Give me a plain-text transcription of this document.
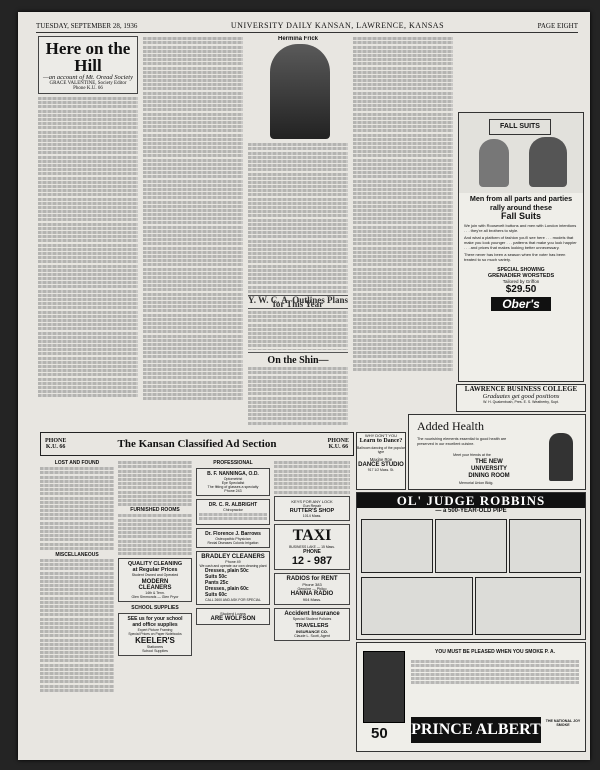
TUESDAY, SEPTEMBER 28, 1936	UNIVERSITY DAILY KANSAN, LAWRENCE, KANSAS	PAGE EIGHT
Here on the Hill
—an account of Mt. Oread Society
GRACE VALENTINE, Society Editor
Phone K.U. 66
Hermina Frick
Y. W. C. A. Outlines Plans for This Year
On the Shin—
FALL SUITS
Men from all parts and parties rally around these
Fall Suits
We join with Roosevelt buttons and men with London intentions . . . they're all brothers to style.
And what a platform of fashion you'll see here . . . models that make you look younger . . . patterns that make you look happier . . . and prices that makes looking better unnecessary.
There never has been a season when the voter has been treated to so much variety.
SPECIAL SHOWING
GRENADIER WORSTEDS
Tailored by Griffon
$29.50
Ober's
LAWRENCE BUSINESS COLLEGE
Graduates get good positions
W. H. Quakenbush, Pres. E. S. Weatherby, Supt.
Added Health
The nourishing elements essential to good health are preserved in our excellent cuisine.
Meet your friends at the
THE NEW
UNIVERSITY
DINING ROOM
Memorial Union Bldg.
WHY DON'T YOU
Learn to Dance?
Ballroom dancing of the popular type
Maxine Roe
DANCE STUDIO
917 1/2 Mass. St.
OL' JUDGE ROBBINS
— a 500-YEAR-OLD PIPE
50
YOU MUST BE PLEASED WHEN YOU SMOKE P. A.
PRINCE ALBERT THE NATIONAL JOY SMOKE
PHONE
K.U. 66	The Kansan Classified Ad Section	PHONE
K.U. 66
LOST AND FOUND
MISCELLANEOUS
FURNISHED ROOMS
QUALITY CLEANING
at Regular Prices
Student Owned and Operated
MODERN
CLEANERS
14th & Tenn.
Glen Simmonds — Glen Pryor
SCHOOL SUPPLIES
SEE us for your school
and office supplies
Expert Picture Framing
Special Prices on Paper Notebooks
KEELER'S
Stationers
School Supplies
PROFESSIONAL
B. F. NANNINGA, O.D.
Optometrist
Eye Specialist
The fitting of glasses a specialty
Phone 243
DR. C. R. ALBRIGHT
Chiropractor
Dr. Florence J. Barrows
Osteopathic Physician
Rectal Diseases Colonic Irrigation
BRADLEY CLEANERS
Phone 49
We cash and operate our own cleaning plant
Dresses, plain 50c
Suits 50c
Pants 25c
Dresses, plain 60c
Suits 60c
CALL 2600 AND ASK FOR SPECIAL
Student Loans
ARE WOLFSON
KEYS FOR ANY LOCK
Gun Repair
RUTTER'S SHOP
1014 Mass.
TAXI
BUSINESS LAKE — 15 Mass.
PHONE
12 - 987
RADIOS for RENT
Phone 383
Genuine — Philco
HANNA RADIO
904 Mass.
Accident Insurance
Special Student Policies
TRAVELERS
INSURANCE CO.
Claude L. Scott, Agent
